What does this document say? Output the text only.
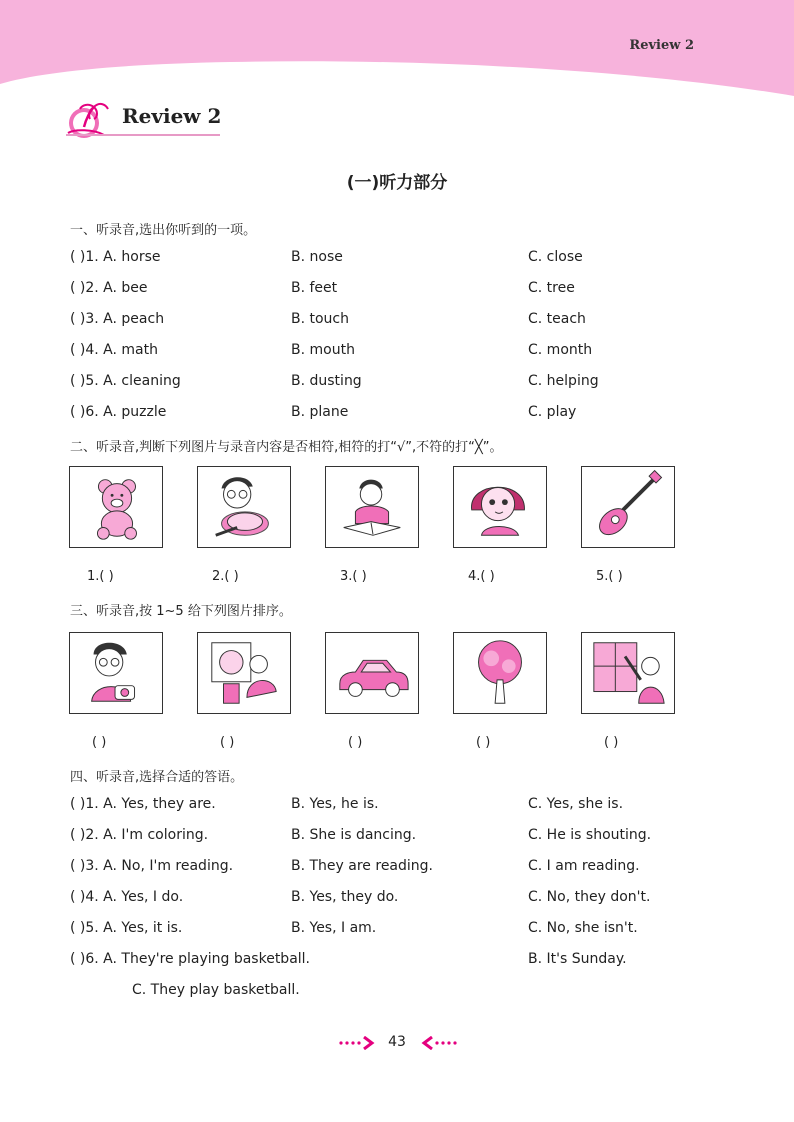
Review 2
Review 2
(一)听力部分
一、听录音,选出你听到的一项。
( )1. A. horse	B. nose	C. close
( )2. A. bee	B. feet	C. tree
( )3. A. peach	B. touch	C. teach
( )4. A. math	B. mouth	C. month
( )5. A. cleaning	B. dusting	C. helping
( )6. A. puzzle	B. plane	C. play
二、听录音,判断下列图片与录音内容是否相符,相符的打“√”,不符的打“╳”。
1.( )	2.( )	3.( )	4.( )	5.( )
三、听录音,按 1~5 给下列图片排序。
( )	( )	( )	( )	( )
四、听录音,选择合适的答语。
( )1. A. Yes, they are.	B. Yes, he is.	C. Yes, she is.
( )2. A. I'm coloring.	B. She is dancing.	C. He is shouting.
( )3. A. No, I'm reading.	B. They are reading.	C. I am reading.
( )4. A. Yes, I do.	B. Yes, they do.	C. No, they don't.
( )5. A. Yes, it is.	B. Yes, I am.	C. No, she isn't.
( )6. A. They're playing basketball.	B. It's Sunday.
C. They play basketball.
43
